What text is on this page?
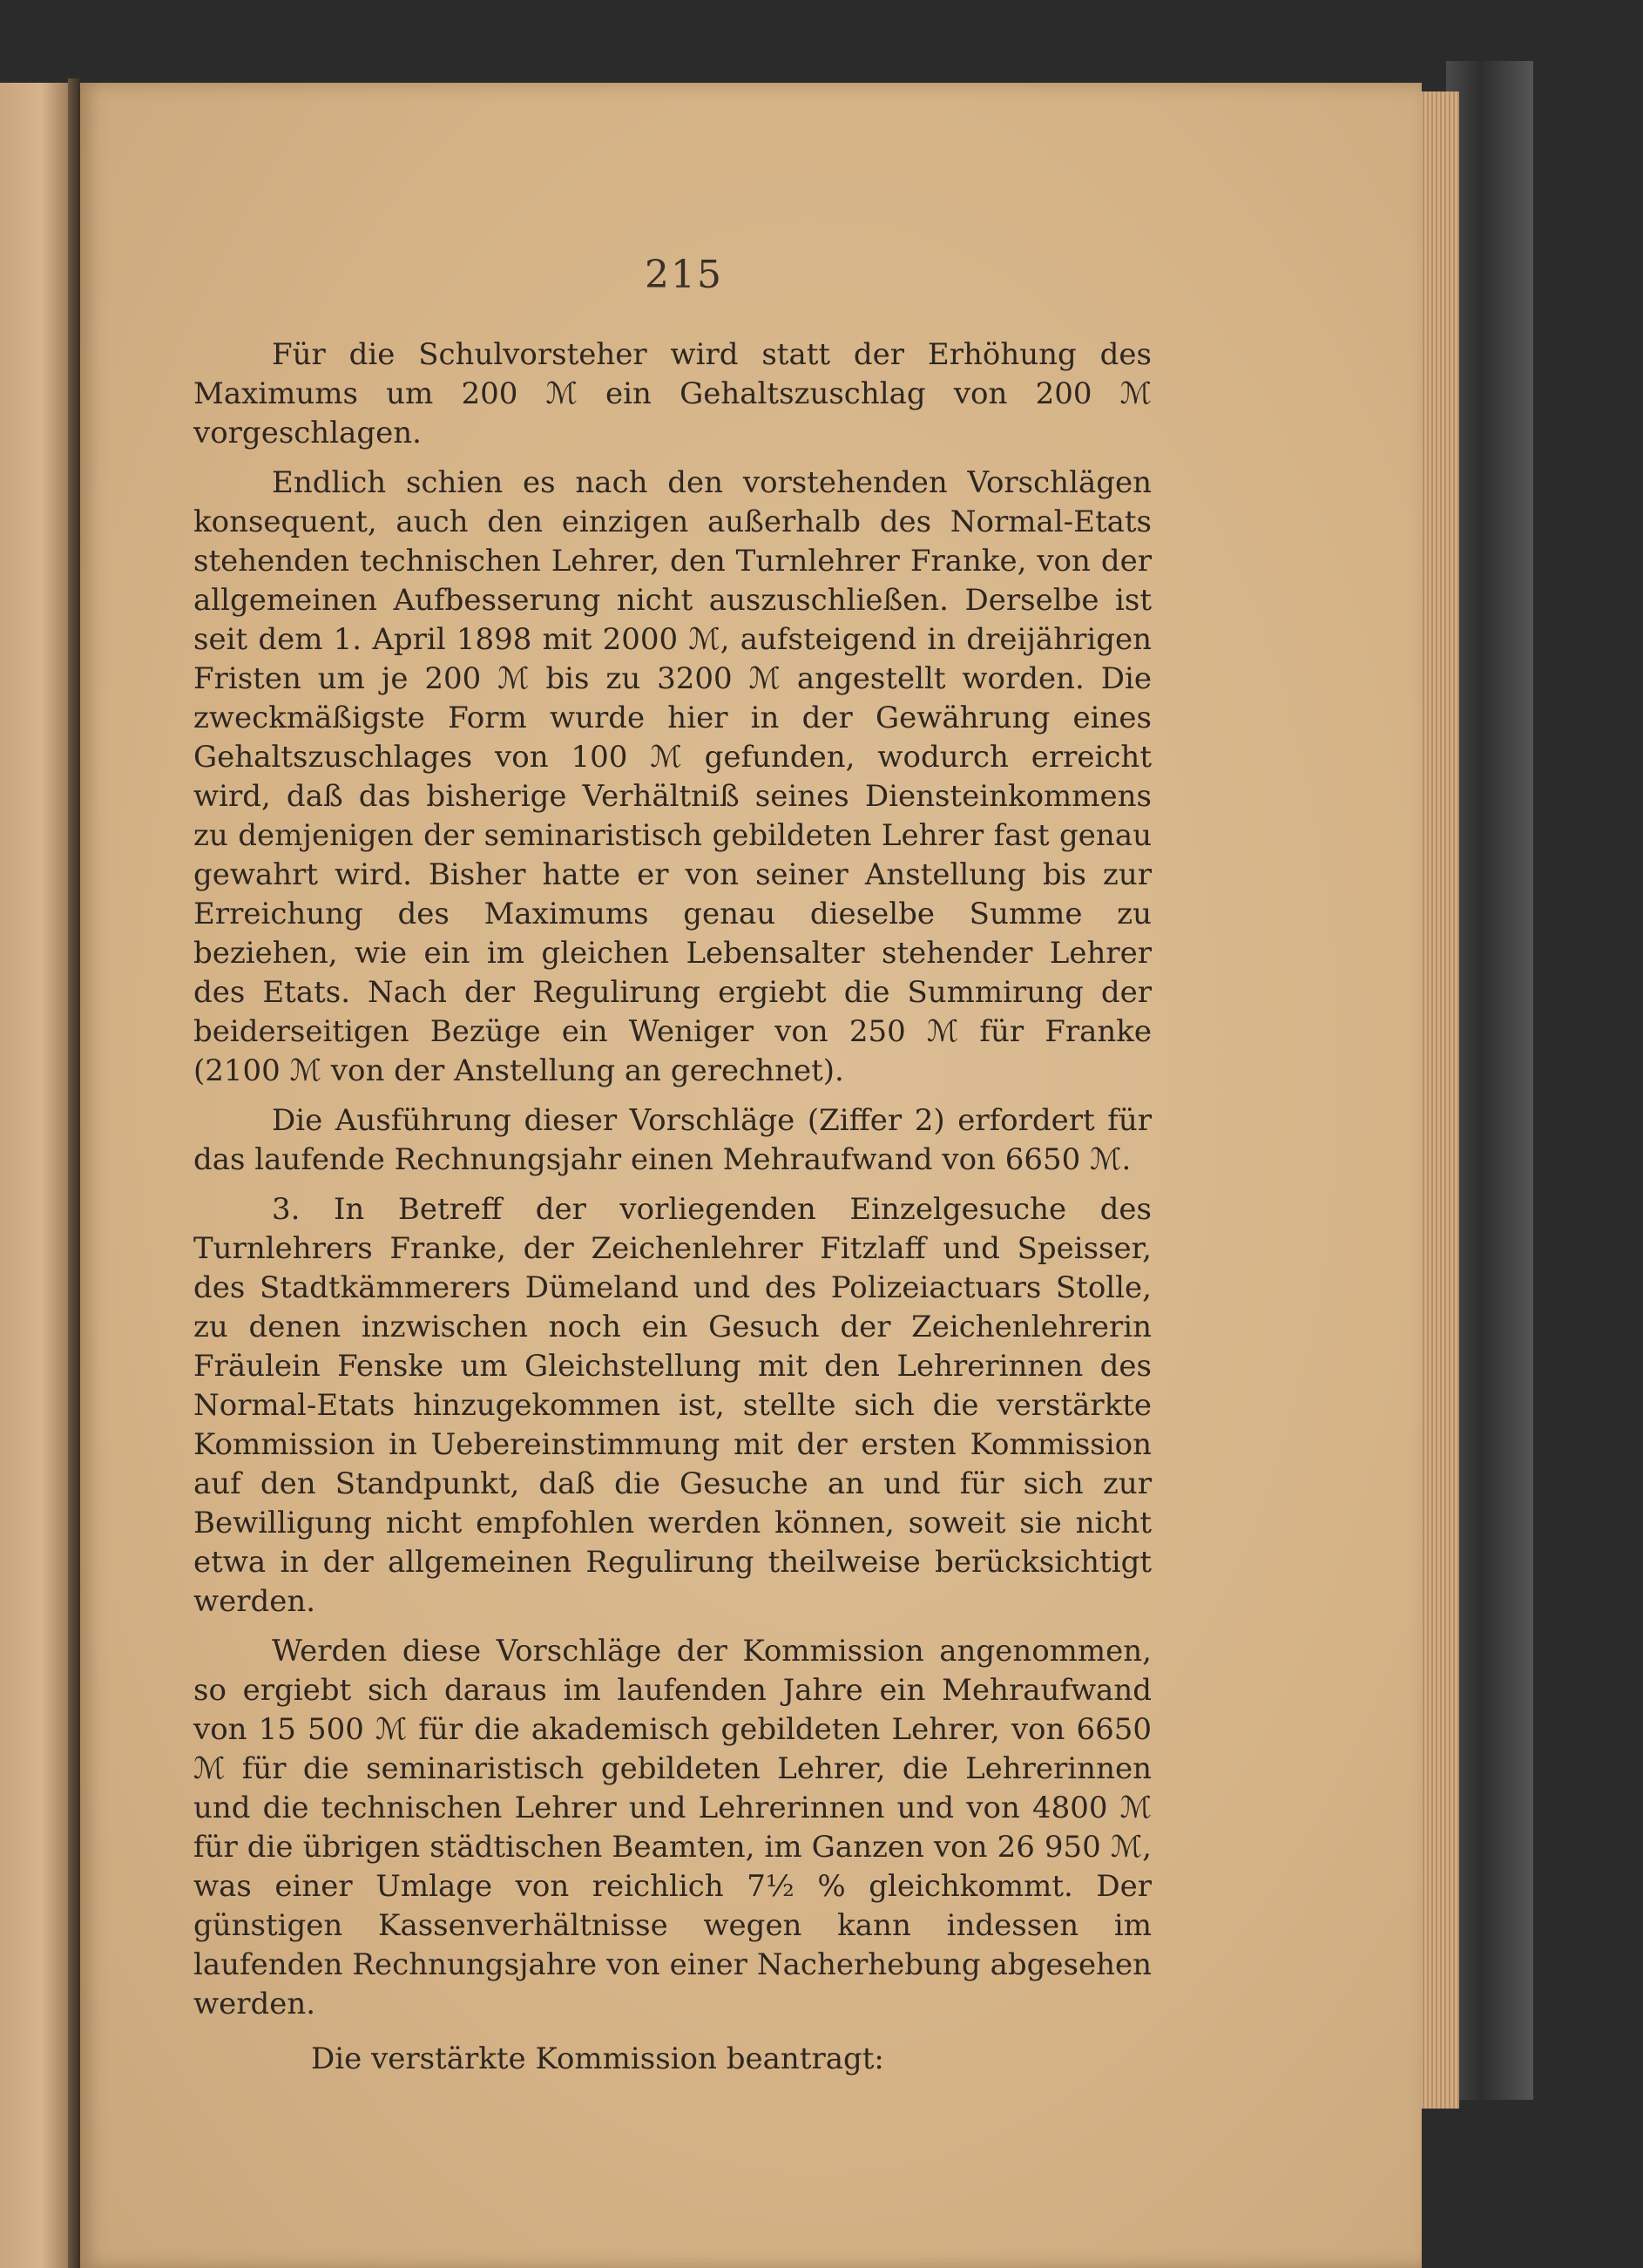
215

Für die Schulvorsteher wird statt der Erhöhung des Maximums um 200 ℳ ein Gehaltszuschlag von 200 ℳ vorgeschlagen.

Endlich schien es nach den vorstehenden Vorschlägen konsequent, auch den einzigen außerhalb des Normal-Etats stehenden technischen Lehrer, den Turnlehrer Franke, von der allgemeinen Aufbesserung nicht auszuschließen. Derselbe ist seit dem 1. April 1898 mit 2000 ℳ, aufsteigend in dreijährigen Fristen um je 200 ℳ bis zu 3200 ℳ angestellt worden. Die zweckmäßigste Form wurde hier in der Gewährung eines Gehaltszuschlages von 100 ℳ gefunden, wodurch erreicht wird, daß das bisherige Verhältniß seines Diensteinkommens zu demjenigen der seminaristisch gebildeten Lehrer fast genau gewahrt wird. Bisher hatte er von seiner Anstellung bis zur Erreichung des Maximums genau dieselbe Summe zu beziehen, wie ein im gleichen Lebensalter stehender Lehrer des Etats. Nach der Regulirung ergiebt die Summirung der beiderseitigen Bezüge ein Weniger von 250 ℳ für Franke (2100 ℳ von der Anstellung an gerechnet).

Die Ausführung dieser Vorschläge (Ziffer 2) erfordert für das laufende Rechnungsjahr einen Mehraufwand von 6650 ℳ.

3. In Betreff der vorliegenden Einzelgesuche des Turnlehrers Franke, der Zeichenlehrer Fitzlaff und Speisser, des Stadtkämmerers Dümeland und des Polizeiactuars Stolle, zu denen inzwischen noch ein Gesuch der Zeichenlehrerin Fräulein Fenske um Gleichstellung mit den Lehrerinnen des Normal-Etats hinzugekommen ist, stellte sich die verstärkte Kommission in Uebereinstimmung mit der ersten Kommission auf den Standpunkt, daß die Gesuche an und für sich zur Bewilligung nicht empfohlen werden können, soweit sie nicht etwa in der allgemeinen Regulirung theilweise berücksichtigt werden.

Werden diese Vorschläge der Kommission angenommen, so ergiebt sich daraus im laufenden Jahre ein Mehraufwand von 15 500 ℳ für die akademisch gebildeten Lehrer, von 6650 ℳ für die seminaristisch gebildeten Lehrer, die Lehrerinnen und die technischen Lehrer und Lehrerinnen und von 4800 ℳ für die übrigen städtischen Beamten, im Ganzen von 26 950 ℳ, was einer Umlage von reichlich 7½ % gleichkommt. Der günstigen Kassenverhältnisse wegen kann indessen im laufenden Rechnungsjahre von einer Nacherhebung abgesehen werden.

Die verstärkte Kommission beantragt:
